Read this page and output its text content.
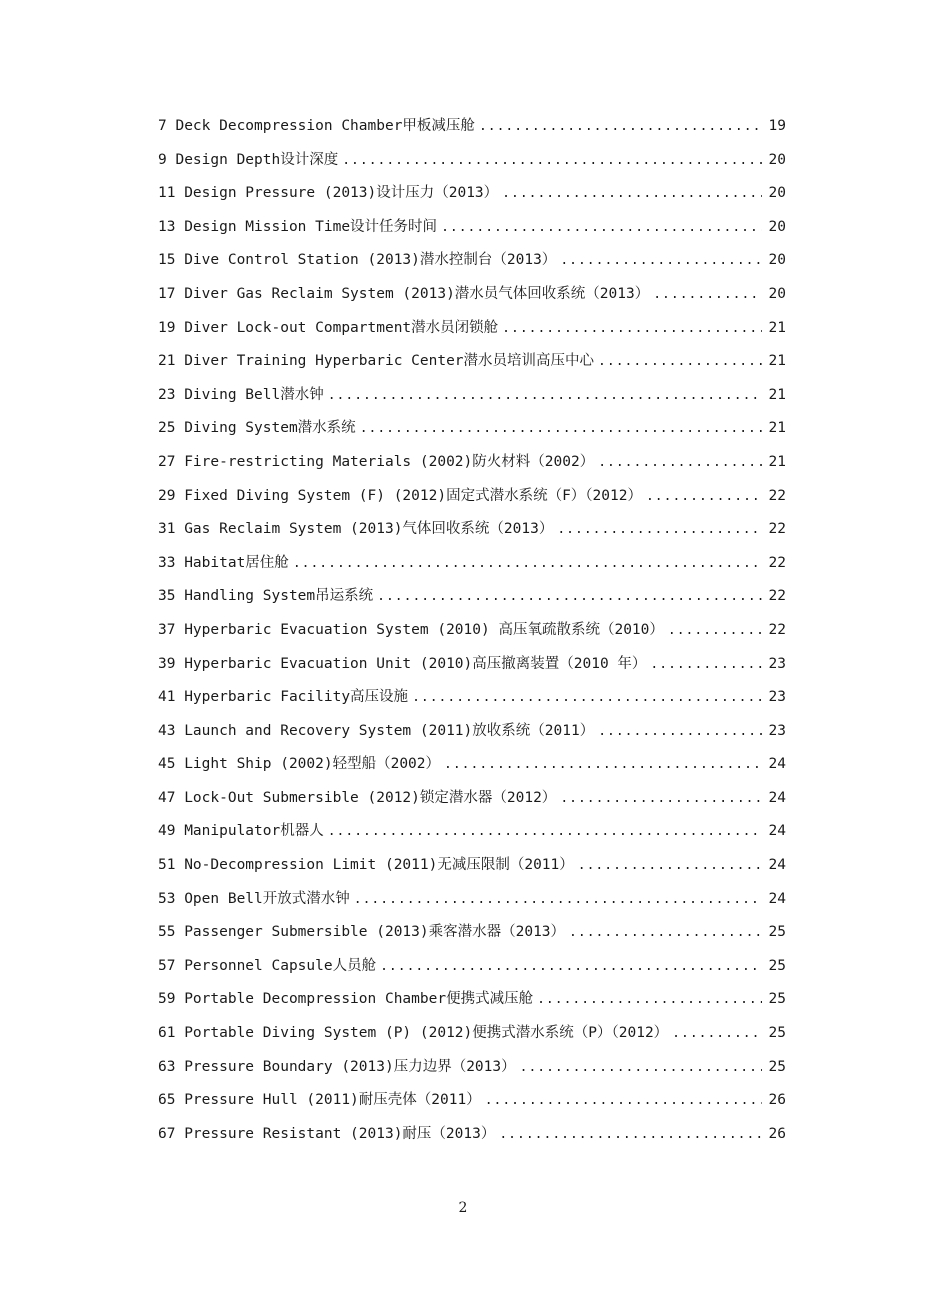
7 Deck Decompression Chamber甲板减压舱 .....	19
9 Design Depth设计深度 .....	20
11 Design Pressure (2013)设计压力（2013） .....	20
13 Design Mission Time设计任务时间 .....	20
15 Dive Control Station (2013)潜水控制台（2013） .....	20
17 Diver Gas Reclaim System (2013)潜水员气体回收系统（2013） .....	20
19 Diver Lock-out Compartment潜水员闭锁舱 .....	21
21 Diver Training Hyperbaric Center潜水员培训高压中心 .....	21
23 Diving Bell潜水钟 .....	21
25 Diving System潜水系统 .....	21
27 Fire-restricting Materials (2002)防火材料（2002） .....	21
29 Fixed Diving System (F) (2012)固定式潜水系统（F）（2012） .....	22
31 Gas Reclaim System (2013)气体回收系统（2013） .....	22
33 Habitat居住舱 .....	22
35 Handling System吊运系统 .....	22
37 Hyperbaric Evacuation System (2010) 高压氧疏散系统（2010） .....	22
39 Hyperbaric Evacuation Unit (2010)高压撤离装置（2010 年） .....	23
41 Hyperbaric Facility高压设施 .....	23
43 Launch and Recovery System (2011)放收系统（2011） .....	23
45 Light Ship (2002)轻型船（2002） .....	24
47 Lock-Out Submersible (2012)锁定潜水器（2012） .....	24
49 Manipulator机器人 .....	24
51 No-Decompression Limit (2011)无减压限制（2011） .....	24
53 Open Bell开放式潜水钟 .....	24
55 Passenger Submersible (2013)乘客潜水器（2013） .....	25
57 Personnel Capsule人员舱 .....	25
59 Portable Decompression Chamber便携式减压舱 .....	25
61 Portable Diving System (P) (2012)便携式潜水系统（P）（2012） .....	25
63 Pressure Boundary (2013)压力边界（2013） .....	25
65 Pressure Hull (2011)耐压壳体（2011） .....	26
67 Pressure Resistant (2013)耐压（2013） .....	26
2
